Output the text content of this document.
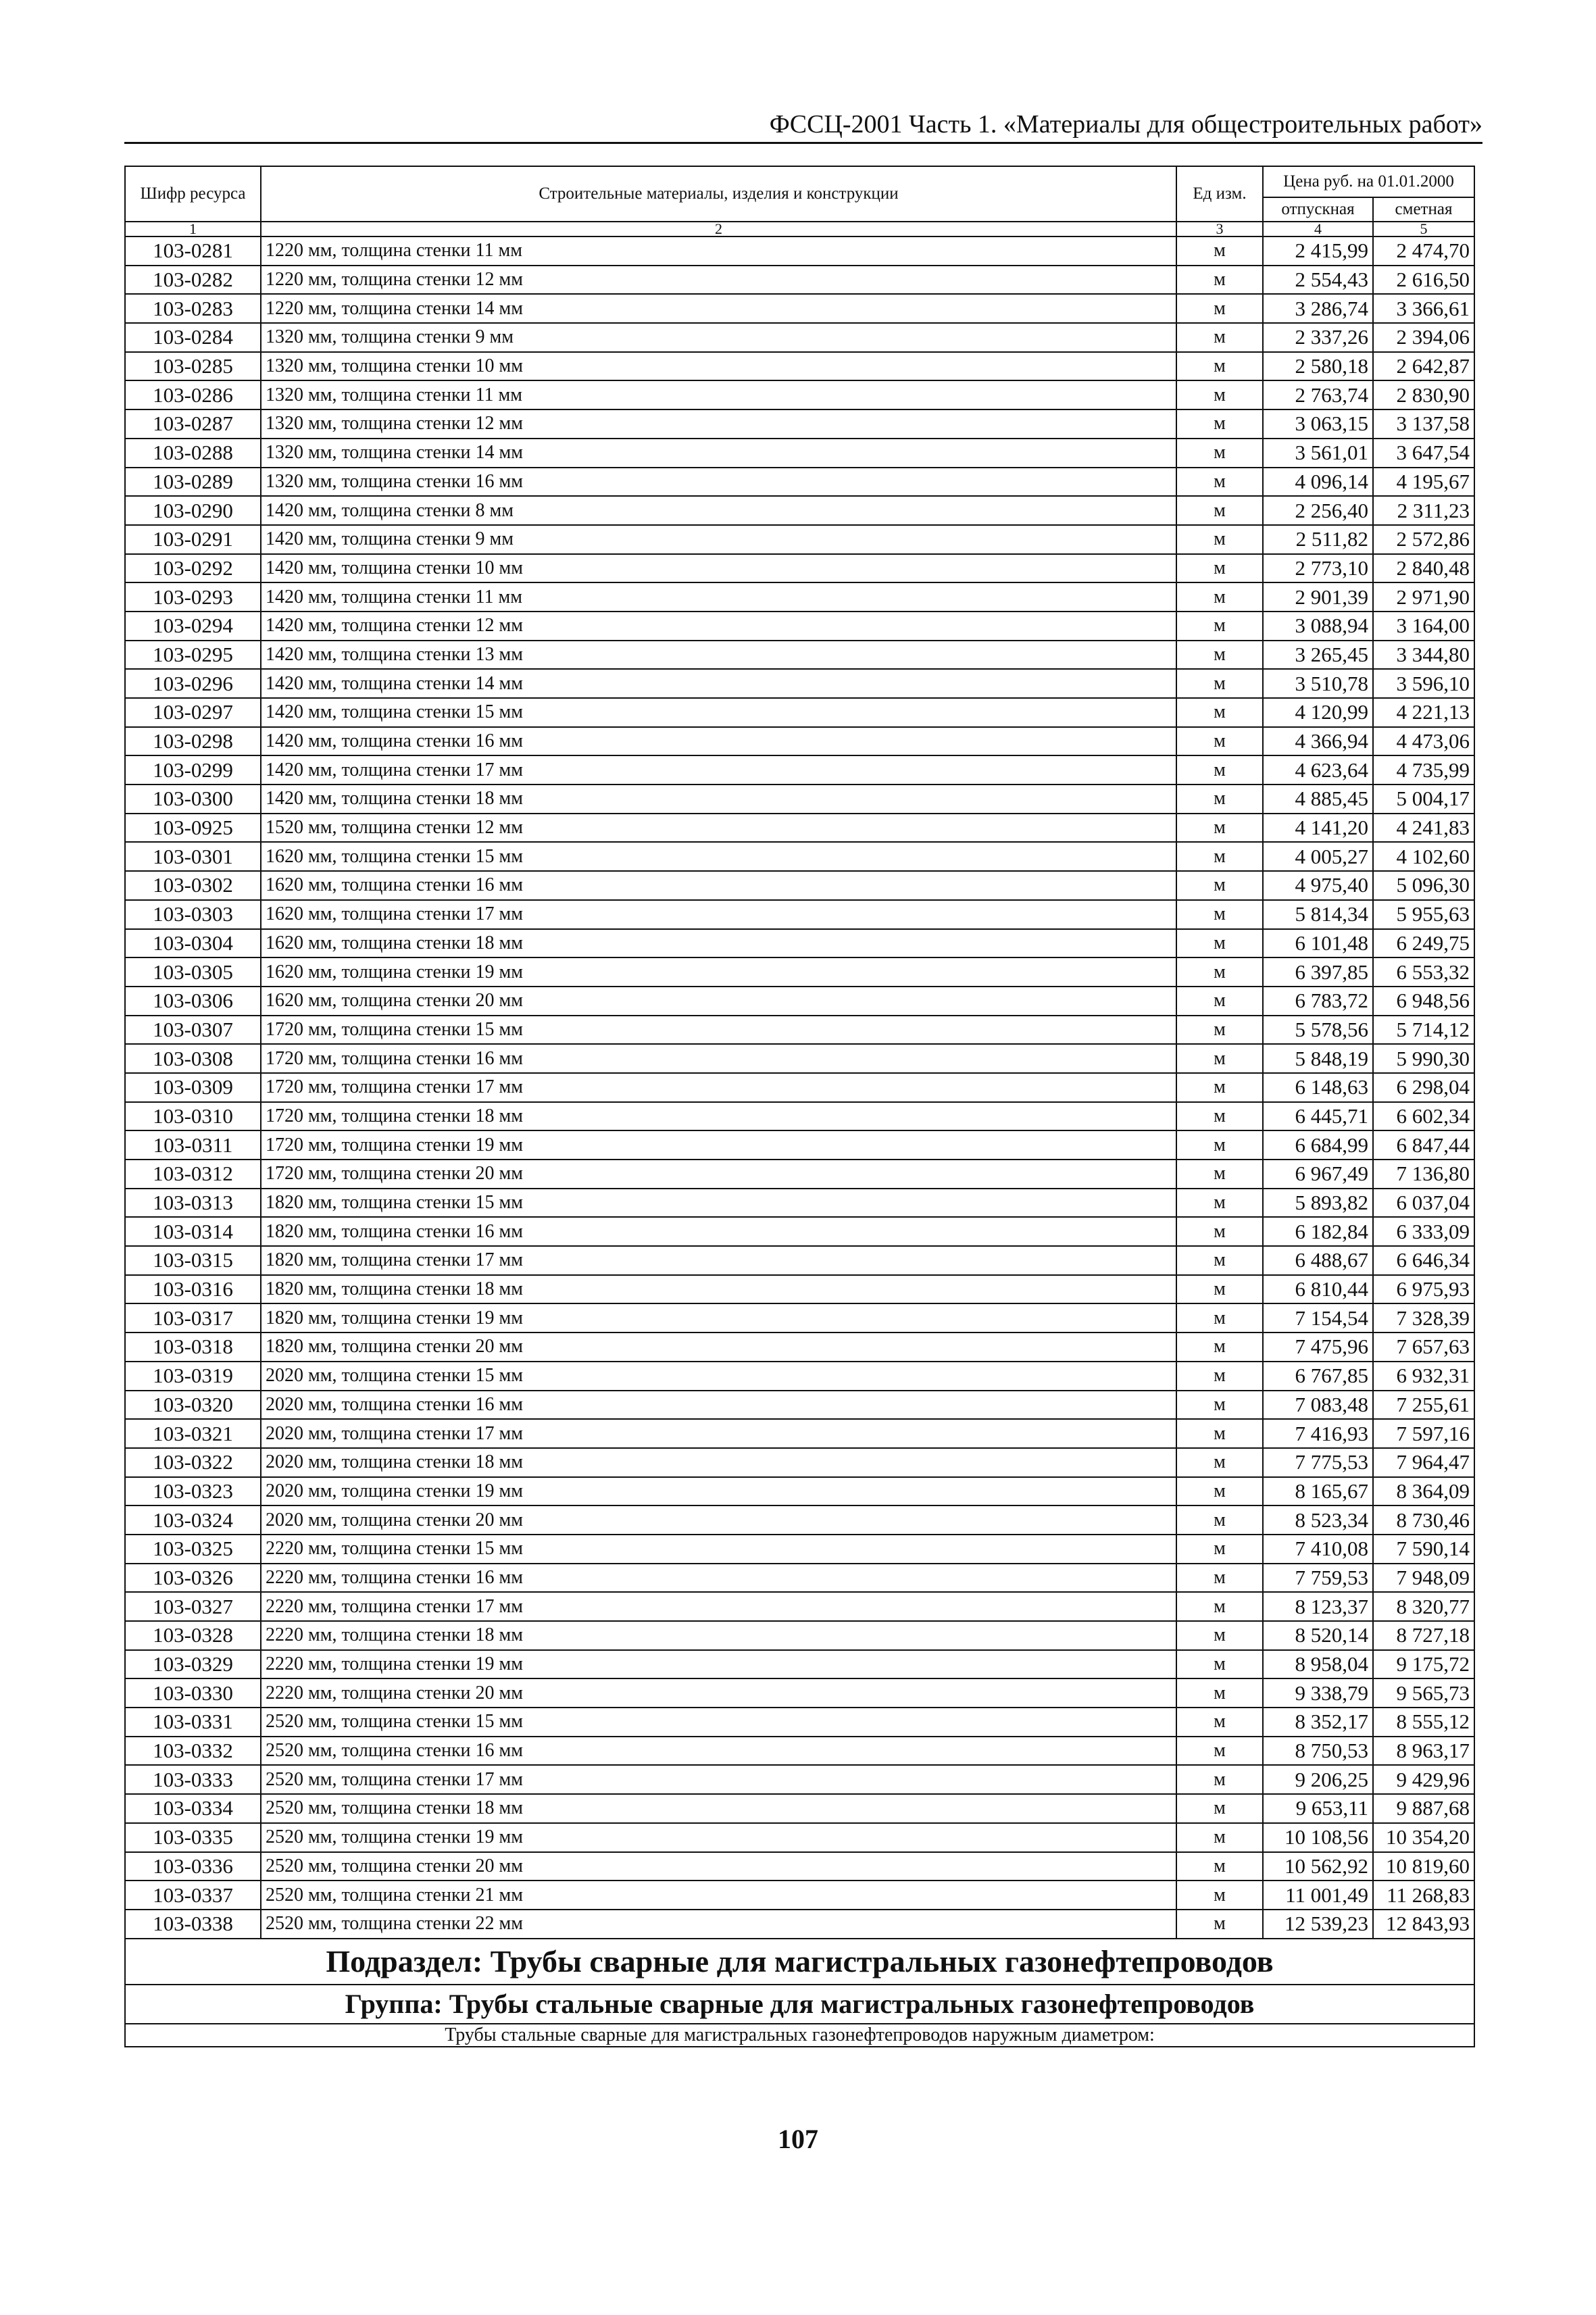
ФССЦ-2001 Часть 1. «Материалы для общестроительных работ»
Шифр ресурса	Строительные материалы, изделия и конструкции	Ед изм.	Цена руб. на 01.01.2000	
			отпускная	сметная
1	2	3	4	5
103-0281	1220 мм, толщина стенки 11 мм	м	2 415,99	2 474,70
103-0282	1220 мм, толщина стенки 12 мм	м	2 554,43	2 616,50
103-0283	1220 мм, толщина стенки 14 мм	м	3 286,74	3 366,61
103-0284	1320 мм, толщина стенки 9 мм	м	2 337,26	2 394,06
103-0285	1320 мм, толщина стенки 10 мм	м	2 580,18	2 642,87
103-0286	1320 мм, толщина стенки 11 мм	м	2 763,74	2 830,90
103-0287	1320 мм, толщина стенки 12 мм	м	3 063,15	3 137,58
103-0288	1320 мм, толщина стенки 14 мм	м	3 561,01	3 647,54
103-0289	1320 мм, толщина стенки 16 мм	м	4 096,14	4 195,67
103-0290	1420 мм, толщина стенки 8 мм	м	2 256,40	2 311,23
103-0291	1420 мм, толщина стенки 9 мм	м	2 511,82	2 572,86
103-0292	1420 мм, толщина стенки 10 мм	м	2 773,10	2 840,48
103-0293	1420 мм, толщина стенки 11 мм	м	2 901,39	2 971,90
103-0294	1420 мм, толщина стенки 12 мм	м	3 088,94	3 164,00
103-0295	1420 мм, толщина стенки 13 мм	м	3 265,45	3 344,80
103-0296	1420 мм, толщина стенки 14 мм	м	3 510,78	3 596,10
103-0297	1420 мм, толщина стенки 15 мм	м	4 120,99	4 221,13
103-0298	1420 мм, толщина стенки 16 мм	м	4 366,94	4 473,06
103-0299	1420 мм, толщина стенки 17 мм	м	4 623,64	4 735,99
103-0300	1420 мм, толщина стенки 18 мм	м	4 885,45	5 004,17
103-0925	1520 мм, толщина стенки 12 мм	м	4 141,20	4 241,83
103-0301	1620 мм, толщина стенки 15 мм	м	4 005,27	4 102,60
103-0302	1620 мм, толщина стенки 16 мм	м	4 975,40	5 096,30
103-0303	1620 мм, толщина стенки 17 мм	м	5 814,34	5 955,63
103-0304	1620 мм, толщина стенки 18 мм	м	6 101,48	6 249,75
103-0305	1620 мм, толщина стенки 19 мм	м	6 397,85	6 553,32
103-0306	1620 мм, толщина стенки 20 мм	м	6 783,72	6 948,56
103-0307	1720 мм, толщина стенки 15 мм	м	5 578,56	5 714,12
103-0308	1720 мм, толщина стенки 16 мм	м	5 848,19	5 990,30
103-0309	1720 мм, толщина стенки 17 мм	м	6 148,63	6 298,04
103-0310	1720 мм, толщина стенки 18 мм	м	6 445,71	6 602,34
103-0311	1720 мм, толщина стенки 19 мм	м	6 684,99	6 847,44
103-0312	1720 мм, толщина стенки 20 мм	м	6 967,49	7 136,80
103-0313	1820 мм, толщина стенки 15 мм	м	5 893,82	6 037,04
103-0314	1820 мм, толщина стенки 16 мм	м	6 182,84	6 333,09
103-0315	1820 мм, толщина стенки 17 мм	м	6 488,67	6 646,34
103-0316	1820 мм, толщина стенки 18 мм	м	6 810,44	6 975,93
103-0317	1820 мм, толщина стенки 19 мм	м	7 154,54	7 328,39
103-0318	1820 мм, толщина стенки 20 мм	м	7 475,96	7 657,63
103-0319	2020 мм, толщина стенки 15 мм	м	6 767,85	6 932,31
103-0320	2020 мм, толщина стенки 16 мм	м	7 083,48	7 255,61
103-0321	2020 мм, толщина стенки 17 мм	м	7 416,93	7 597,16
103-0322	2020 мм, толщина стенки 18 мм	м	7 775,53	7 964,47
103-0323	2020 мм, толщина стенки 19 мм	м	8 165,67	8 364,09
103-0324	2020 мм, толщина стенки 20 мм	м	8 523,34	8 730,46
103-0325	2220 мм, толщина стенки 15 мм	м	7 410,08	7 590,14
103-0326	2220 мм, толщина стенки 16 мм	м	7 759,53	7 948,09
103-0327	2220 мм, толщина стенки 17 мм	м	8 123,37	8 320,77
103-0328	2220 мм, толщина стенки 18 мм	м	8 520,14	8 727,18
103-0329	2220 мм, толщина стенки 19 мм	м	8 958,04	9 175,72
103-0330	2220 мм, толщина стенки 20 мм	м	9 338,79	9 565,73
103-0331	2520 мм, толщина стенки 15 мм	м	8 352,17	8 555,12
103-0332	2520 мм, толщина стенки 16 мм	м	8 750,53	8 963,17
103-0333	2520 мм, толщина стенки 17 мм	м	9 206,25	9 429,96
103-0334	2520 мм, толщина стенки 18 мм	м	9 653,11	9 887,68
103-0335	2520 мм, толщина стенки 19 мм	м	10 108,56	10 354,20
103-0336	2520 мм, толщина стенки 20 мм	м	10 562,92	10 819,60
103-0337	2520 мм, толщина стенки 21 мм	м	11 001,49	11 268,83
103-0338	2520 мм, толщина стенки 22 мм	м	12 539,23	12 843,93
Подраздел: Трубы сварные для магистральных газонефтепроводов				
Группа: Трубы стальные сварные для магистральных газонефтепроводов				
Трубы стальные сварные для магистральных газонефтепроводов наружным диаметром:				
107
